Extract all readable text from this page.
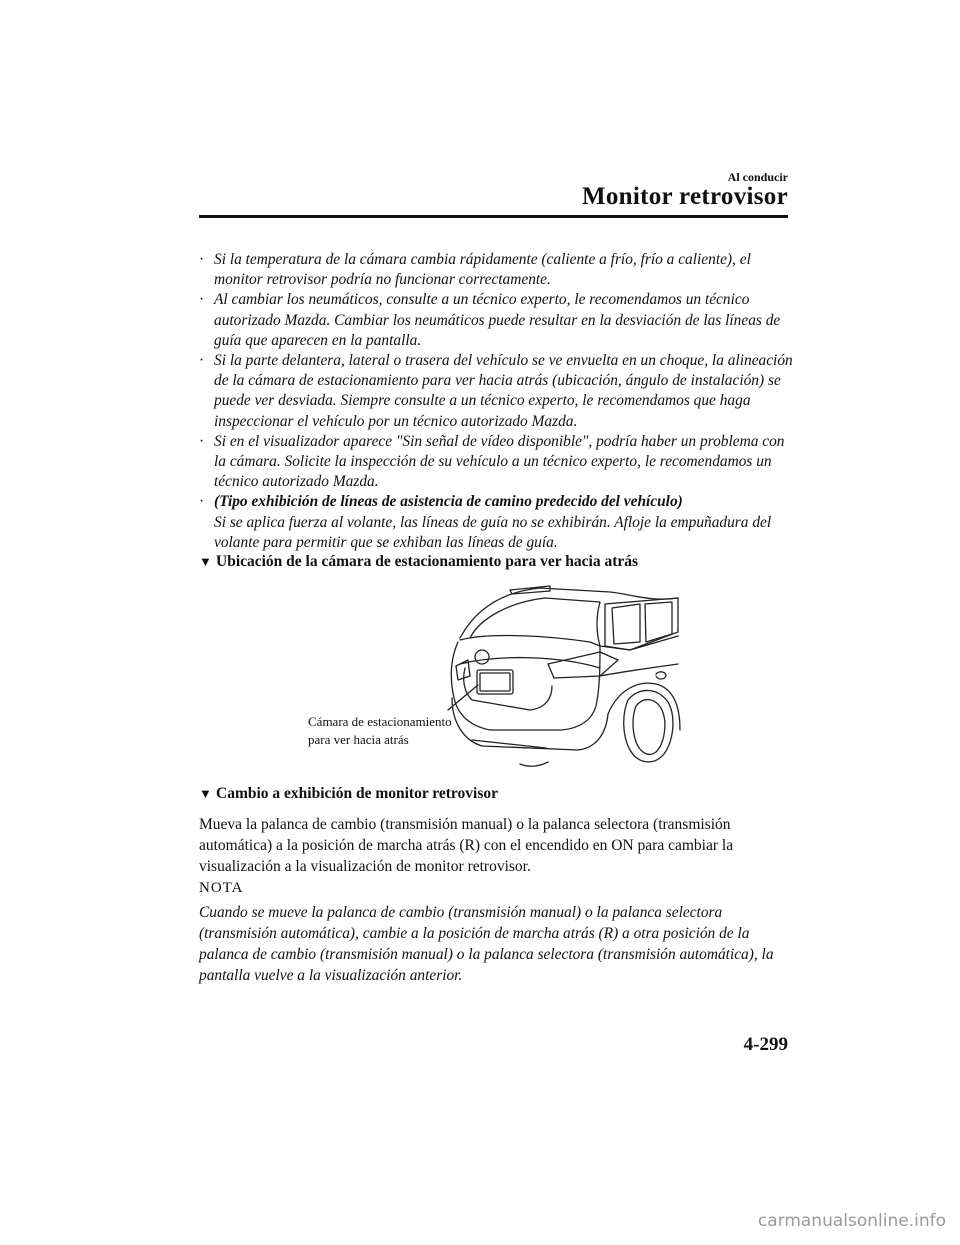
Al conducir
Monitor retrovisor
· Si la temperatura de la cámara cambia rápidamente (caliente a frío, frío a caliente), el monitor retrovisor podría no funcionar correctamente.
· Al cambiar los neumáticos, consulte a un técnico experto, le recomendamos un técnico autorizado Mazda. Cambiar los neumáticos puede resultar en la desviación de las líneas de guía que aparecen en la pantalla.
· Si la parte delantera, lateral o trasera del vehículo se ve envuelta en un choque, la alineación de la cámara de estacionamiento para ver hacia atrás (ubicación, ángulo de instalación) se puede ver desviada. Siempre consulte a un técnico experto, le recomendamos que haga inspeccionar el vehículo por un técnico autorizado Mazda.
· Si en el visualizador aparece "Sin señal de vídeo disponible", podría haber un problema con la cámara. Solicite la inspección de su vehículo a un técnico experto, le recomendamos un técnico autorizado Mazda.
· (Tipo exhibición de líneas de asistencia de camino predecido del vehículo)
Si se aplica fuerza al volante, las líneas de guía no se exhibirán. Afloje la empuñadura del volante para permitir que se exhiban las líneas de guía.
▼ Ubicación de la cámara de estacionamiento para ver hacia atrás
Cámara de estacionamiento
para ver hacia atrás
▼ Cambio a exhibición de monitor retrovisor
Mueva la palanca de cambio (transmisión manual) o la palanca selectora (transmisión automática) a la posición de marcha atrás (R) con el encendido en ON para cambiar la visualización a la visualización de monitor retrovisor.
NOTA
Cuando se mueve la palanca de cambio (transmisión manual) o la palanca selectora (transmisión automática), cambie a la posición de marcha atrás (R) a otra posición de la palanca de cambio (transmisión manual) o la palanca selectora (transmisión automática), la pantalla vuelve a la visualización anterior.
4-299
carmanualsonline.info
